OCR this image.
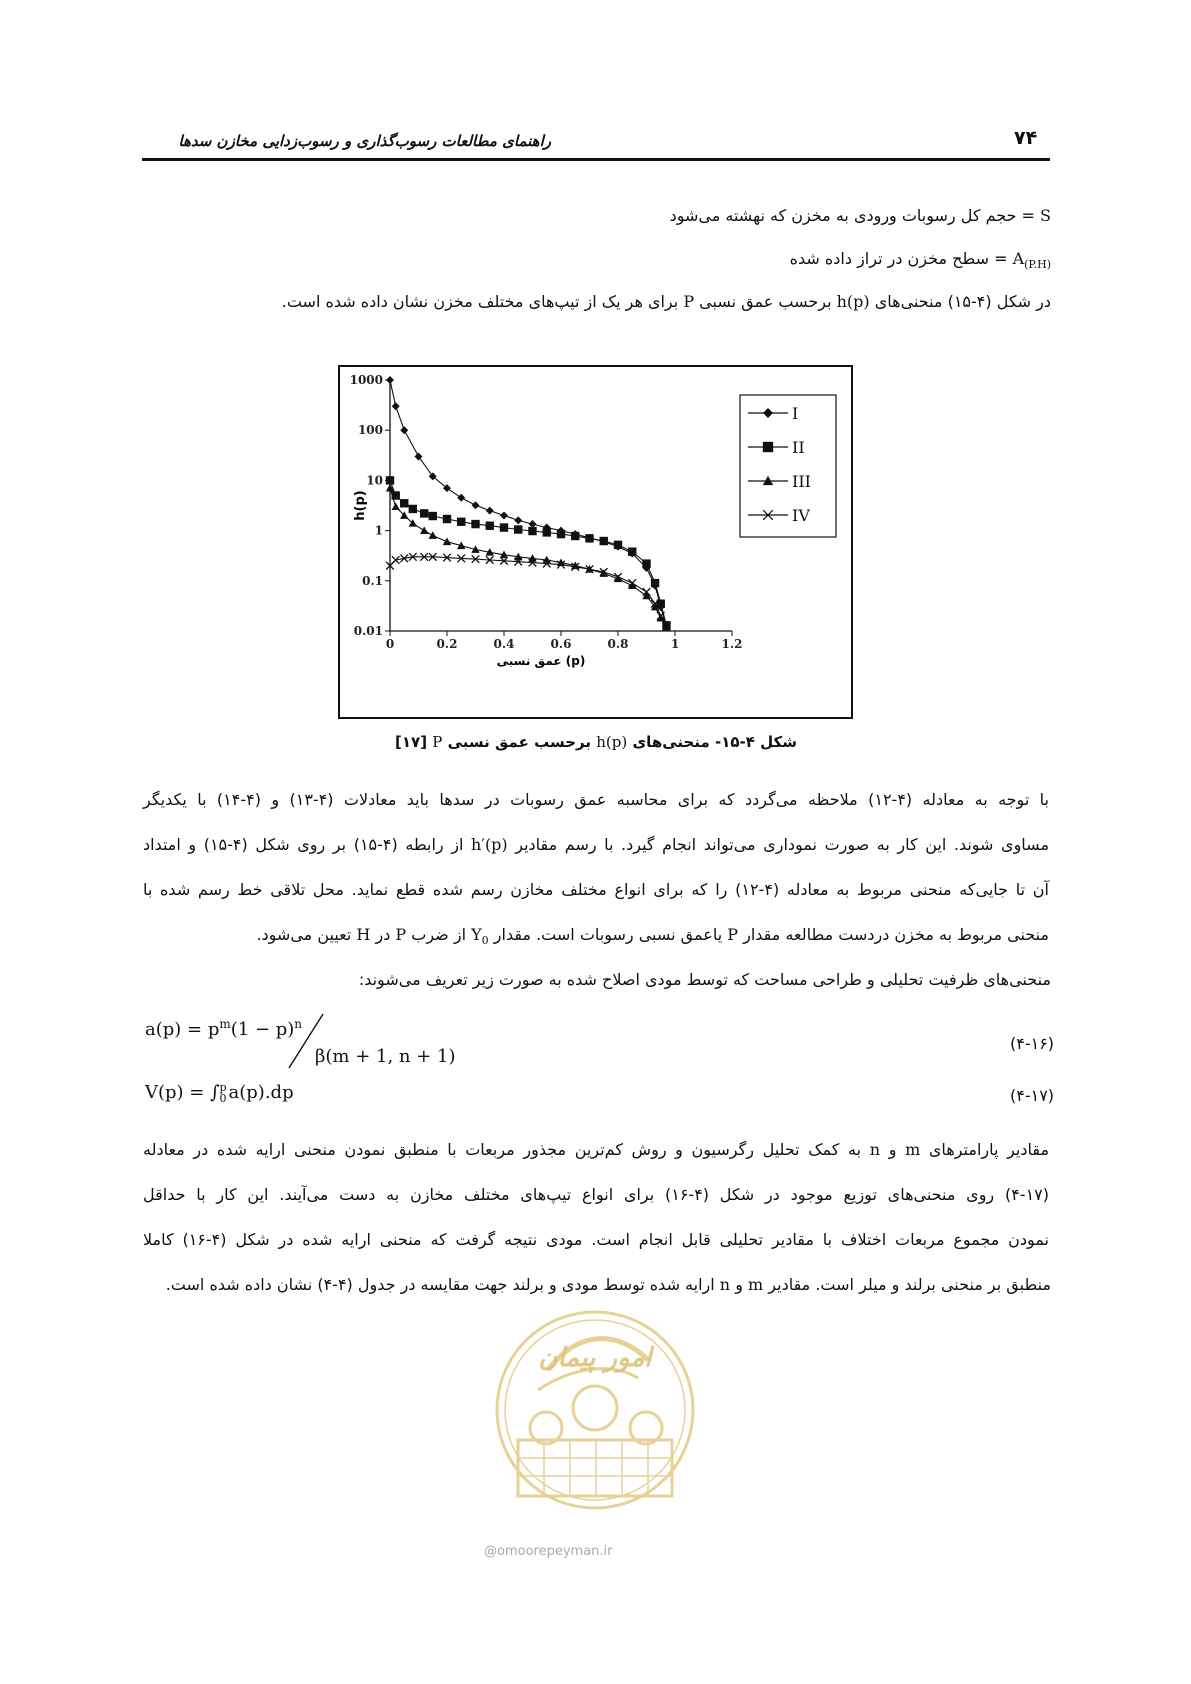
راهنمای مطالعات رسوب‌گذاری و رسوب‌زدایی مخازن سدها	۷۴
S = حجم کل رسوبات ورودی به مخزن که نهشته می‌شود
$A_{(P.H)}$ = سطح مخزن در تراز داده شده
در شکل (۴-۱۵) منحنی‌های h(p) برحسب عمق نسبی P برای هر یک از تیپ‌های مختلف مخزن نشان داده شده است.
0	0.2	0.4	0.6	0.8	1	1.2
0.01
0.1
1
10
100
1000
h(p)
عمق نسبی (p)
I
II
III
IV
شکل ۴-۱۵- منحنی‌های h(p) برحسب عمق نسبی P [۱۷]
با توجه به معادله (۴-۱۲) ملاحظه می‌گردد که برای محاسبه عمق رسوبات در سدها باید معادلات (۴-۱۳) و (۴-۱۴) با یکدیگر
مساوی شوند. این کار به صورت نموداری می‌تواند انجام گیرد. با رسم مقادیر h′(p) از رابطه (۴-۱۵) بر روی شکل (۴-۱۵) و امتداد
آن تا جایی‌که منحنی مربوط به معادله (۴-۱۲) را که برای انواع مختلف مخازن رسم شده قطع نماید. محل تلاقی خط رسم شده با
منحنی مربوط به مخزن دردست مطالعه مقدار P یاعمق نسبی رسوبات است. مقدار $Y_0$ از ضرب P در H تعیین می‌شود.
منحنی‌های ظرفیت تحلیلی و طراحی مساحت که توسط مودی اصلاح شده به صورت زیر تعریف می‌شوند:
$a(p) = p^m(1 - p)^n$
β(m + 1, n + 1)
(۴-۱۶)
V(p) = ∫ p
0 a(p).dp	(۴-۱۷)
مقادیر پارامترهای m و n به کمک تحلیل رگرسیون و روش کم‌ترین مجذور مربعات با منطبق نمودن منحنی ارایه شده در معادله
(۴-۱۷) روی منحنی‌های توزیع موجود در شکل (۴-۱۶) برای انواع تیپ‌های مختلف مخازن به دست می‌آیند. این کار با حداقل
نمودن مجموع مربعات اختلاف با مقادیر تحلیلی قابل انجام است. مودی نتیجه گرفت که منحنی ارایه شده در شکل (۴-۱۶) کاملا
منطبق بر منحنی برلند و میلر است. مقادیر m و n ارایه شده توسط مودی و برلند جهت مقایسه در جدول (۴-۴) نشان داده شده است.
امور پیمان
@omoorepeyman.ir
